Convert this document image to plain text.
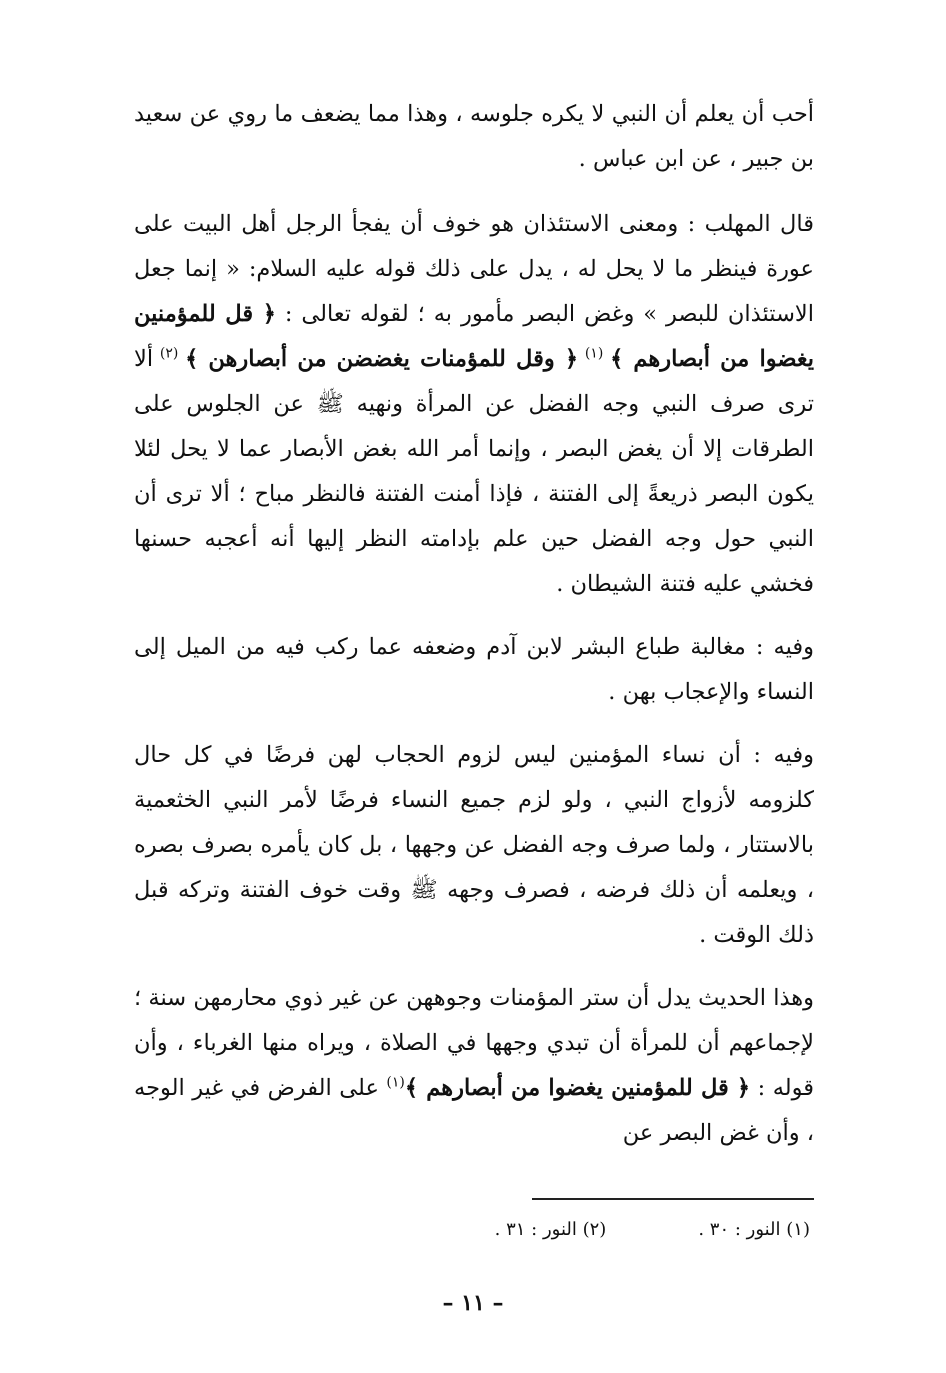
أحب أن يعلم أن النبي لا يكره جلوسه ، وهذا مما يضعف ما روي عن سعيد بن جبير ، عن ابن عباس .

قال المهلب : ومعنى الاستئذان هو خوف أن يفجأ الرجل أهل البيت على عورة فينظر ما لا يحل له ، يدل على ذلك قوله عليه السلام: « إنما جعل الاستئذان للبصر » وغض البصر مأمور به ؛ لقوله تعالى : ﴿ قل للمؤمنين يغضوا من أبصارهم ﴾ $^{(١)}$ ﴿ وقل للمؤمنات يغضضن من أبصارهن ﴾ $^{(٢)}$ ألا ترى صرف النبي وجه الفضل عن المرأة ونهيه ﷺ عن الجلوس على الطرقات إلا أن يغض البصر ، وإنما أمر الله بغض الأبصار عما لا يحل لئلا يكون البصر ذريعةً إلى الفتنة ، فإذا أمنت الفتنة فالنظر مباح ؛ ألا ترى أن النبي حول وجه الفضل حين علم بإدامته النظر إليها أنه أعجبه حسنها فخشي عليه فتنة الشيطان .

وفيه : مغالبة طباع البشر لابن آدم وضعفه عما ركب فيه من الميل إلى النساء والإعجاب بهن .

وفيه : أن نساء المؤمنين ليس لزوم الحجاب لهن فرضًا في كل حال كلزومه لأزواج النبي ، ولو لزم جميع النساء فرضًا لأمر النبي الخثعمية بالاستتار ، ولما صرف وجه الفضل عن وجهها ، بل كان يأمره بصرف بصره ، ويعلمه أن ذلك فرضه ، فصرف وجهه ﷺ وقت خوف الفتنة وتركه قبل ذلك الوقت .

وهذا الحديث يدل أن ستر المؤمنات وجوههن عن غير ذوي محارمهن سنة ؛ لإجماعهم أن للمرأة أن تبدي وجهها في الصلاة ، ويراه منها الغرباء ، وأن قوله : ﴿ قل للمؤمنين يغضوا من أبصارهم ﴾$^{(١)}$ على الفرض في غير الوجه ، وأن غض البصر عن

(١) النور : ٣٠ .
(٢) النور : ٣١ .
– ١١ –
